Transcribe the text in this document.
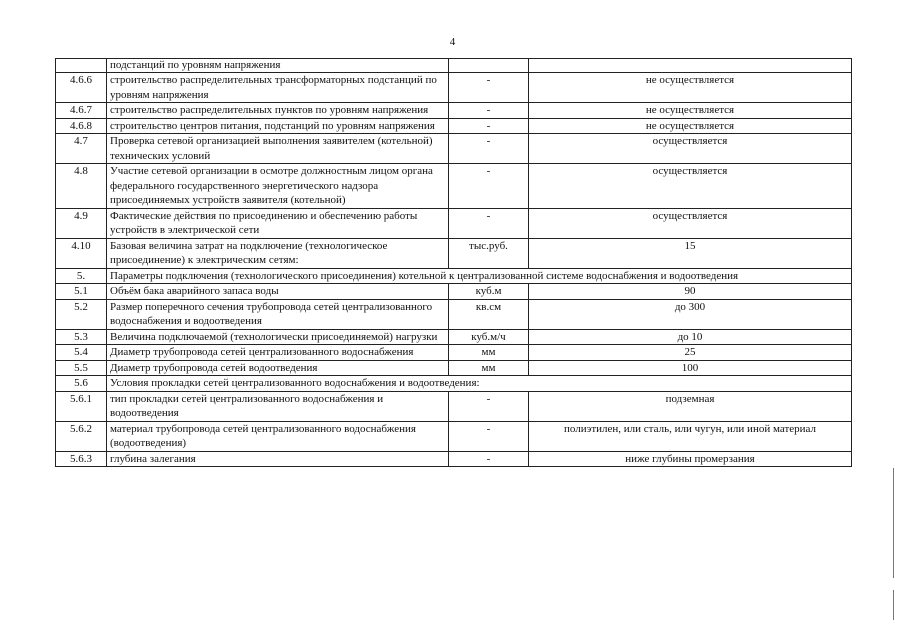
4
	подстанций по уровням напряжения		
4.6.6	строительство распределительных трансформаторных подстанций по уровням напряжения	-	не осуществляется
4.6.7	строительство распределительных пунктов по уровням напряжения	-	не осуществляется
4.6.8	строительство центров питания, подстанций по уровням напряжения	-	не осуществляется
4.7	Проверка сетевой организацией выполнения заявителем (котельной) технических условий	-	осуществляется
4.8	Участие сетевой организации в осмотре должностным лицом органа федерального государственного энергетического надзора присоединяемых устройств заявителя (котельной)	-	осуществляется
4.9	Фактические действия по присоединению и обеспечению работы устройств в электрической сети	-	осуществляется
4.10	Базовая величина затрат на подключение (технологическое присоединение) к электрическим сетям:	тыс.руб.	15
5.	Параметры подключения (технологического присоединения) котельной к централизованной системе водоснабжения и водоотведения		
5.1	Объём бака аварийного запаса воды	куб.м	90
5.2	Размер поперечного сечения трубопровода сетей централизованного водоснабжения и водоотведения	кв.см	до 300
5.3	Величина подключаемой (технологически присоединяемой) нагрузки	куб.м/ч	до 10
5.4	Диаметр трубопровода сетей централизованного водоснабжения	мм	25
5.5	Диаметр трубопровода сетей водоотведения	мм	100
5.6	Условия прокладки сетей централизованного водоснабжения и водоотведения:		
5.6.1	тип прокладки сетей централизованного водоснабжения и водоотведения	-	подземная
5.6.2	материал трубопровода сетей централизованного водоснабжения (водоотведения)	-	полиэтилен, или сталь, или чугун, или иной материал
5.6.3	глубина залегания	-	ниже глубины промерзания
